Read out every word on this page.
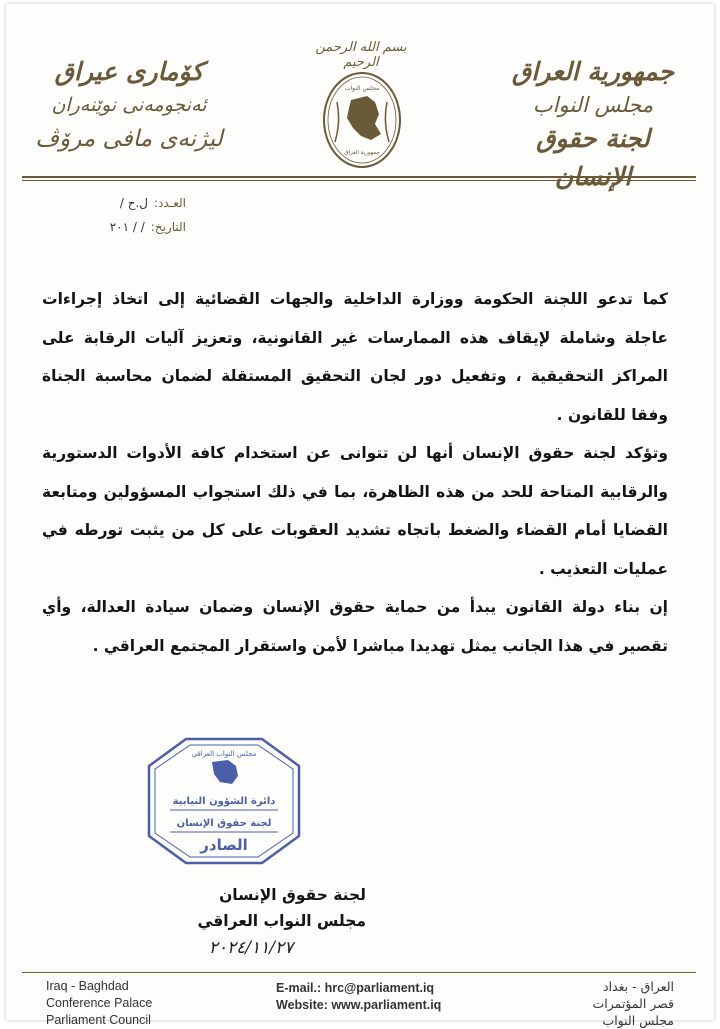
جمهورية العراق
مجلس النواب
لجنة حقوق
كۆماری عیراق
ئەنجومەنی نوێنەران
لیژنەی مافی مرۆڤ
بسم الله الرحمن الرحيم
مجلس النواب
جمهورية العراق
العـدد:ل.ح /
التاريخ:/ / ٢٠١

كما تدعو اللجنة الحكومة ووزارة الداخلية والجهات القضائية إلى اتخاذ إجراءات عاجلة وشاملة لإيقاف هذه الممارسات غير القانونية، وتعزيز آليات الرقابة على المراكز التحقيقية ، وتفعيل دور لجان التحقيق المستقلة لضمان محاسبة الجناة وفقا للقانون .

وتؤكد لجنة حقوق الإنسان أنها لن تتوانى عن استخدام كافة الأدوات الدستورية والرقابية المتاحة للحد من هذه الظاهرة، بما في ذلك استجواب المسؤولين ومتابعة القضايا أمام القضاء والضغط باتجاه تشديد العقوبات على كل من يثبت تورطه في عمليات التعذيب .

إن بناء دولة القانون يبدأ من حماية حقوق الإنسان وضمان سيادة العدالة، وأي تقصير في هذا الجانب يمثل تهديدا مباشرا لأمن واستقرار المجتمع العراقي .

مجلس النواب العراقي
دائرة الشؤون النيابية
لجنة حقوق الإنسان
الصادر
لجنة حقوق الإنسان
مجلس النواب العراقي
٢٠٢٤/١١/٢٧
Iraq - Baghdad
Conference Palace
Parliament Council
E-mail.: hrc@parliament.iq
Website: www.parliament.iq
العراق - بغداد
قصر المؤتمرات
مجلس النواب
